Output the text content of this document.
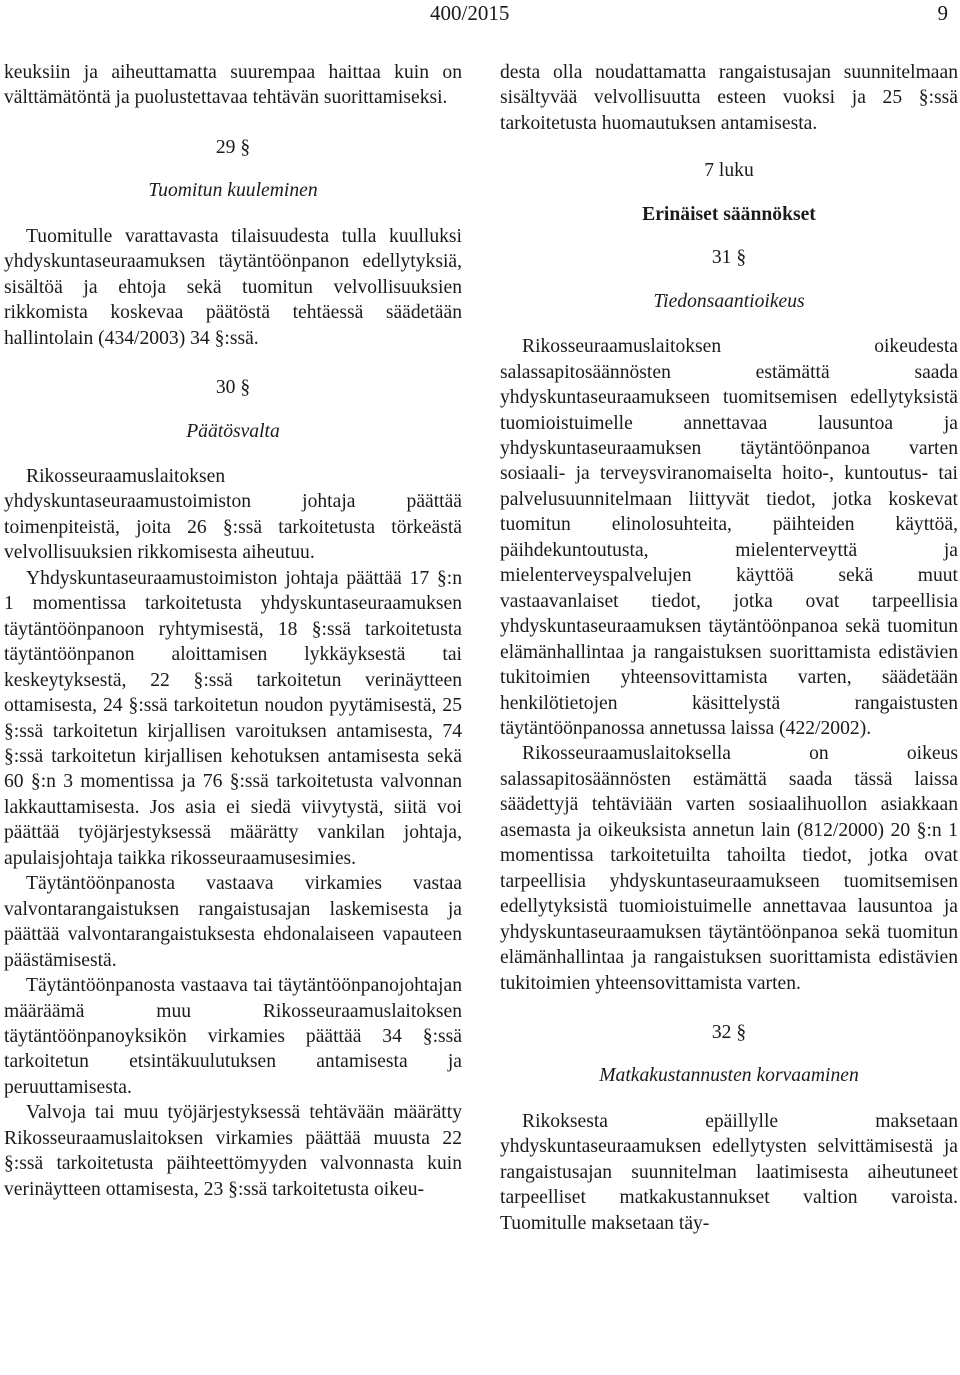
400/2015	9

keuksiin ja aiheuttamatta suurempaa haittaa kuin on välttämätöntä ja puolustettavaa tehtävän suorittamiseksi.

29 §
Tuomitun kuuleminen

Tuomitulle varattavasta tilaisuudesta tulla kuulluksi yhdyskuntaseuraamuksen täytäntöönpanon edellytyksiä, sisältöä ja ehtoja sekä tuomitun velvollisuuksien rikkomista koskevaa päätöstä tehtäessä säädetään hallintolain (434/2003) 34 §:ssä.

30 §
Päätösvalta

Rikosseuraamuslaitoksen yhdyskuntaseuraamustoimiston johtaja päättää toimenpiteistä, joita 26 §:ssä tarkoitetusta törkeästä velvollisuuksien rikkomisesta aiheutuu.

Yhdyskuntaseuraamustoimiston johtaja päättää 17 §:n 1 momentissa tarkoitetusta yhdyskuntaseuraamuksen täytäntöönpanoon ryhtymisestä, 18 §:ssä tarkoitetusta täytäntöönpanon aloittamisen lykkäyksestä tai keskeytyksestä, 22 §:ssä tarkoitetun verinäytteen ottamisesta, 24 §:ssä tarkoitetun noudon pyytämisestä, 25 §:ssä tarkoitetun kirjallisen varoituksen antamisesta, 74 §:ssä tarkoitetun kirjallisen kehotuksen antamisesta sekä 60 §:n 3 momentissa ja 76 §:ssä tarkoitetusta valvonnan lakkauttamisesta. Jos asia ei siedä viivytystä, siitä voi päättää työjärjestyksessä määrätty vankilan johtaja, apulaisjohtaja taikka rikosseuraamusesimies.

Täytäntöönpanosta vastaava virkamies vastaa valvontarangaistuksen rangaistusajan laskemisesta ja päättää valvontarangaistuksesta ehdonalaiseen vapauteen päästämisestä.

Täytäntöönpanosta vastaava tai täytäntöönpanojohtajan määräämä muu Rikosseuraamuslaitoksen täytäntöönpanoyksikön virkamies päättää 34 §:ssä tarkoitetun etsintäkuulutuksen antamisesta ja peruuttamisesta.

Valvoja tai muu työjärjestyksessä tehtävään määrätty Rikosseuraamuslaitoksen virkamies päättää muusta 22 §:ssä tarkoitetusta päihteettömyyden valvonnasta kuin verinäytteen ottamisesta, 23 §:ssä tarkoitetusta oikeu-

desta olla noudattamatta rangaistusajan suunnitelmaan sisältyvää velvollisuutta esteen vuoksi ja 25 §:ssä tarkoitetusta huomautuksen antamisesta.

7 luku
Erinäiset säännökset
31 §
Tiedonsaantioikeus

Rikosseuraamuslaitoksen oikeudesta salassapitosäännösten estämättä saada yhdyskuntaseuraamukseen tuomitsemisen edellytyksistä tuomioistuimelle annettavaa lausuntoa ja yhdyskuntaseuraamuksen täytäntöönpanoa varten sosiaali- ja terveysviranomaiselta hoito-, kuntoutus- tai palvelusuunnitelmaan liittyvät tiedot, jotka koskevat tuomitun elinolosuhteita, päihteiden käyttöä, päihdekuntoutusta, mielenterveyttä ja mielenterveyspalvelujen käyttöä sekä muut vastaavanlaiset tiedot, jotka ovat tarpeellisia yhdyskuntaseuraamuksen täytäntöönpanoa sekä tuomitun elämänhallintaa ja rangaistuksen suorittamista edistävien tukitoimien yhteensovittamista varten, säädetään henkilötietojen käsittelystä rangaistusten täytäntöönpanossa annetussa laissa (422/2002).

Rikosseuraamuslaitoksella on oikeus salassapitosäännösten estämättä saada tässä laissa säädettyjä tehtäviään varten sosiaalihuollon asiakkaan asemasta ja oikeuksista annetun lain (812/2000) 20 §:n 1 momentissa tarkoitetuilta tahoilta tiedot, jotka ovat tarpeellisia yhdyskuntaseuraamukseen tuomitsemisen edellytyksistä tuomioistuimelle annettavaa lausuntoa ja yhdyskuntaseuraamuksen täytäntöönpanoa sekä tuomitun elämänhallintaa ja rangaistuksen suorittamista edistävien tukitoimien yhteensovittamista varten.

32 §
Matkakustannusten korvaaminen

Rikoksesta epäillylle maksetaan yhdyskuntaseuraamuksen edellytysten selvittämisestä ja rangaistusajan suunnitelman laatimisesta aiheutuneet tarpeelliset matkakustannukset valtion varoista. Tuomitulle maksetaan täy-
